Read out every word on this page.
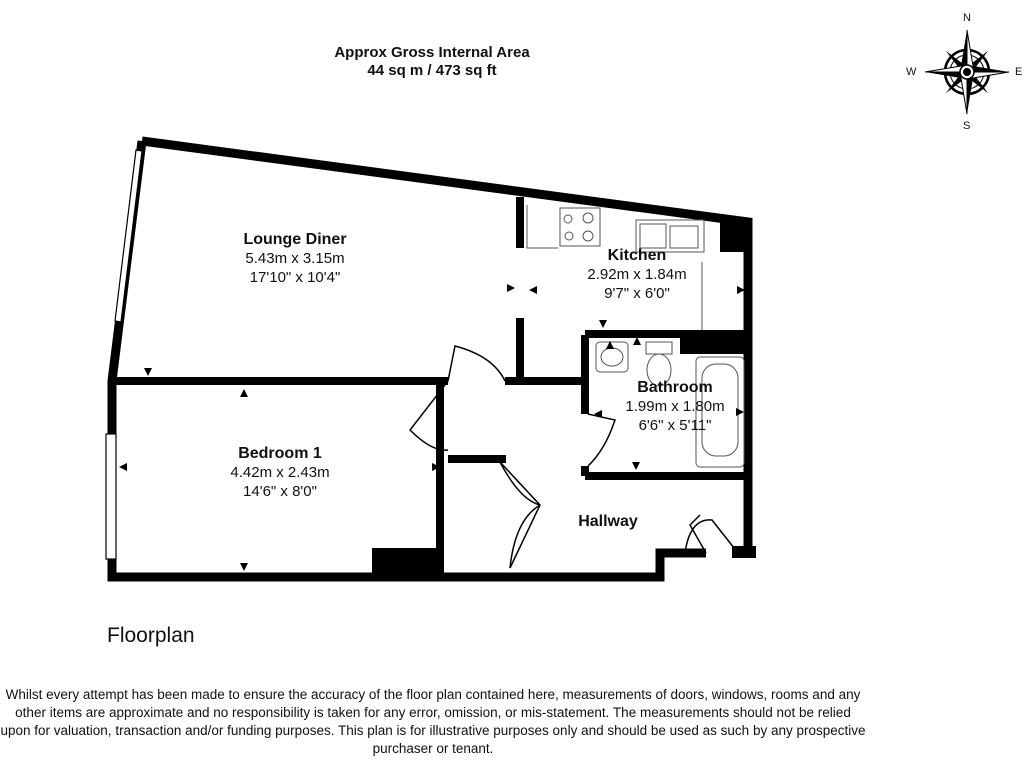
N
S
E
W
Approx Gross Internal Area
44 sq m / 473 sq ft
Lounge Diner
5.43m x 3.15m
17'10" x 10'4"
Kitchen
2.92m x 1.84m
9'7" x 6'0"
Bathroom
1.99m x 1.80m
6'6" x 5'11"
Bedroom 1
4.42m x 2.43m
14'6" x 8'0"
Hallway
Floorplan
Whilst every attempt has been made to ensure the accuracy of the floor plan contained here, measurements of doors, windows, rooms and any other items are approximate and no responsibility is taken for any error, omission, or mis-statement. The measurements should not be relied upon for valuation, transaction and/or funding purposes. This plan is for illustrative purposes only and should be used as such by any prospective purchaser or tenant.
